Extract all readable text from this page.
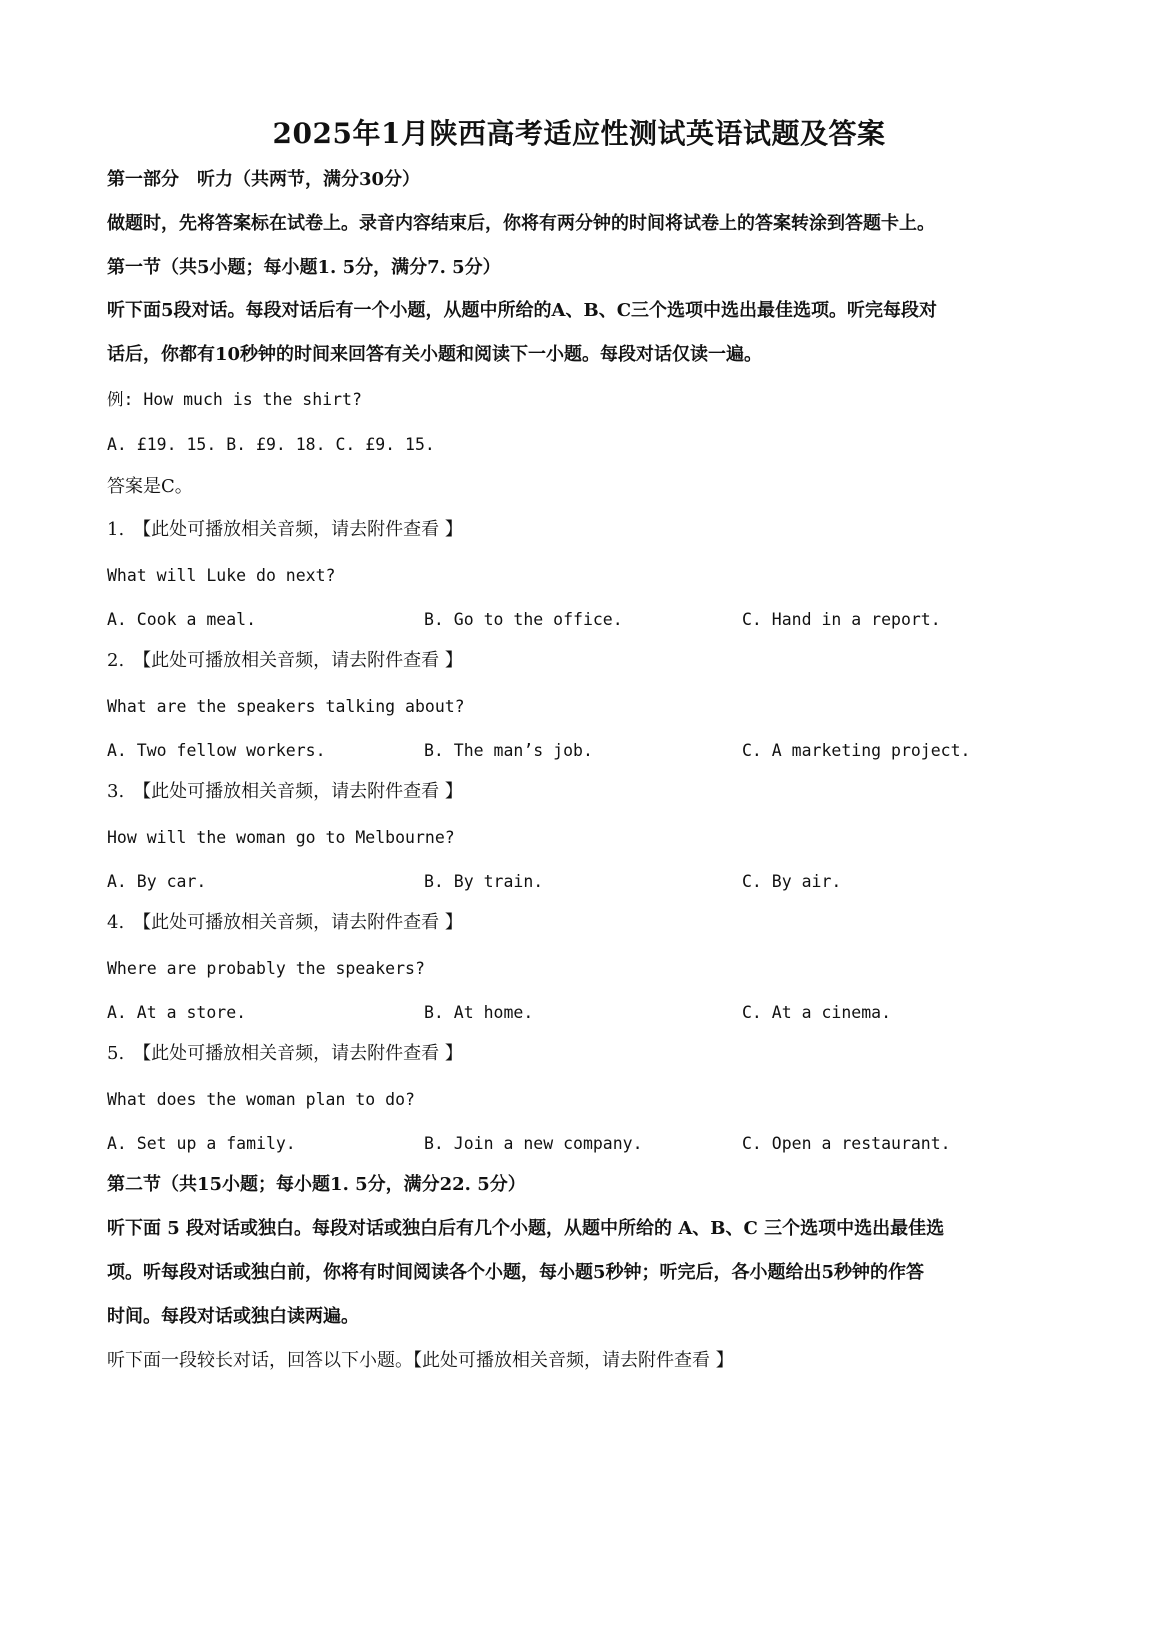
2025年1月陕西高考适应性测试英语试题及答案
第一部分　听力（共两节，满分30分）
做题时，先将答案标在试卷上。录音内容结束后，你将有两分钟的时间将试卷上的答案转涂到答题卡上。
第一节（共5小题；每小题1. 5分，满分7. 5分）
听下面5段对话。每段对话后有一个小题，从题中所给的A、B、C三个选项中选出最佳选项。听完每段对
话后，你都有10秒钟的时间来回答有关小题和阅读下一小题。每段对话仅读一遍。
例: How much is the shirt?
A. £19. 15. B. £9. 18. C. £9. 15.
答案是C。
1.　【此处可播放相关音频，请去附件查看 】
What will Luke do next?
A. Cook a meal.	B. Go to the office.	C. Hand in a report.
2.　【此处可播放相关音频，请去附件查看 】
What are the speakers talking about?
A. Two fellow workers.	B. The man’s job.	C. A marketing project.
3.　【此处可播放相关音频，请去附件查看 】
How will the woman go to Melbourne?
A. By car.	B. By train.	C. By air.
4.　【此处可播放相关音频，请去附件查看 】
Where are probably the speakers?
A. At a store.	B. At home.	C. At a cinema.
5.　【此处可播放相关音频，请去附件查看 】
What does the woman plan to do?
A. Set up a family.	B. Join a new company.	C. Open a restaurant.
第二节（共15小题；每小题1. 5分，满分22. 5分）
听下面 5 段对话或独白。每段对话或独白后有几个小题，从题中所给的 A、B、C 三个选项中选出最佳选
项。听每段对话或独白前，你将有时间阅读各个小题，每小题5秒钟；听完后，各小题给出5秒钟的作答
时间。每段对话或独白读两遍。
听下面一段较长对话，回答以下小题。【此处可播放相关音频，请去附件查看 】
